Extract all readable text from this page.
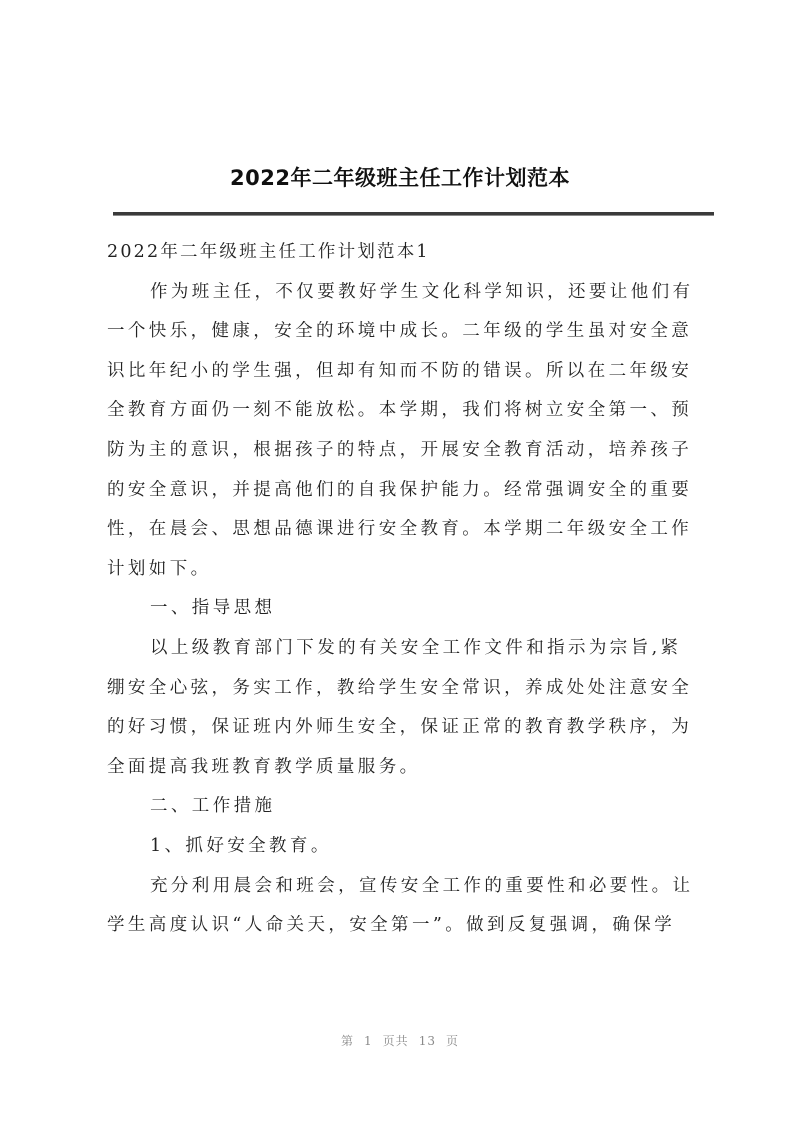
2022年二年级班主任工作计划范本

2022年二年级班主任工作计划范本1

作为班主任，不仅要教好学生文化科学知识，还要让他们有

一个快乐，健康，安全的环境中成长。二年级的学生虽对安全意

识比年纪小的学生强，但却有知而不防的错误。所以在二年级安

全教育方面仍一刻不能放松。本学期，我们将树立安全第一、预

防为主的意识，根据孩子的特点，开展安全教育活动，培养孩子

的安全意识，并提高他们的自我保护能力。经常强调安全的重要

性，在晨会、思想品德课进行安全教育。本学期二年级安全工作

计划如下。

一、指导思想

以上级教育部门下发的有关安全工作文件和指示为宗旨,紧

绷安全心弦，务实工作，教给学生安全常识，养成处处注意安全

的好习惯，保证班内外师生安全，保证正常的教育教学秩序，为

全面提高我班教育教学质量服务。

二、工作措施

1、抓好安全教育。

充分利用晨会和班会，宣传安全工作的重要性和必要性。让

学生高度认识“人命关天，安全第一”。做到反复强调，确保学

第 1 页共 13 页
